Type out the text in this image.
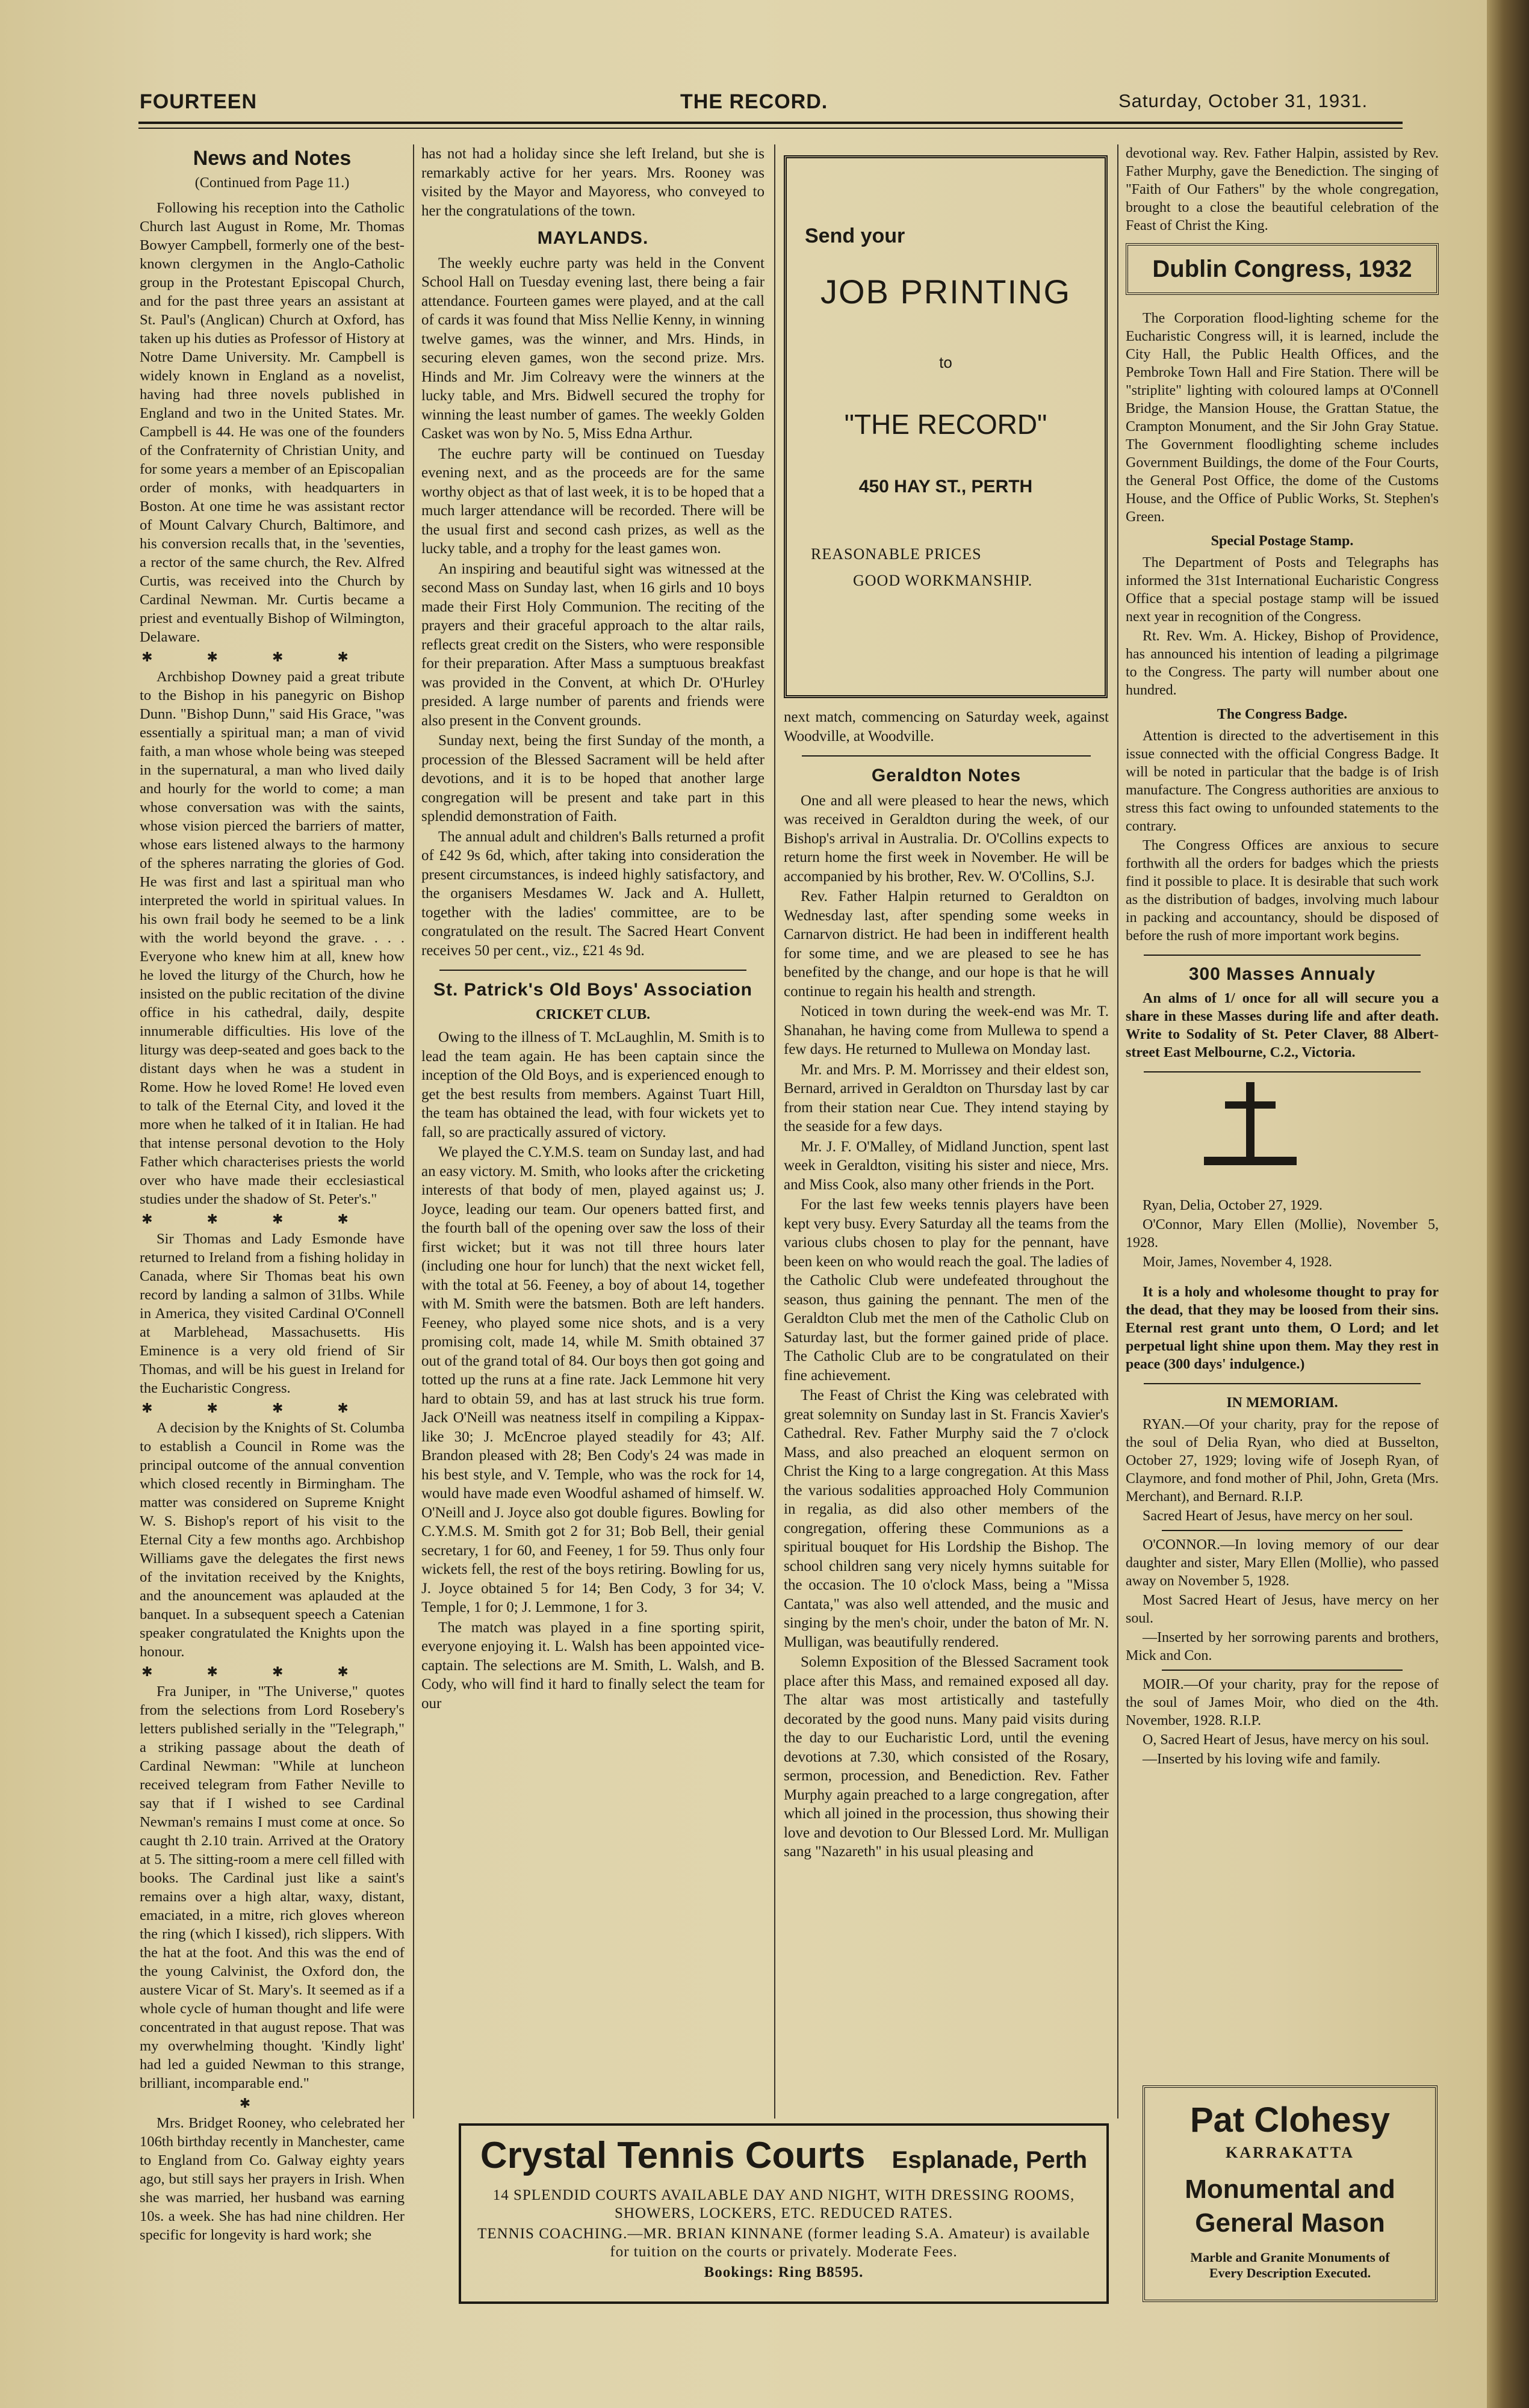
FOURTEEN	THE RECORD.	Saturday, October 31, 1931.
News and Notes
(Continued from Page 11.)

Following his reception into the Catholic Church last August in Rome, Mr. Thomas Bowyer Campbell, formerly one of the best-known clergymen in the Anglo-Catholic group in the Protestant Episcopal Church, and for the past three years an assistant at St. Paul's (Anglican) Church at Oxford, has taken up his duties as Professor of History at Notre Dame University. Mr. Campbell is widely known in England as a novelist, having had three novels published in England and two in the United States. Mr. Campbell is 44. He was one of the founders of the Confraternity of Christian Unity, and for some years a member of an Episcopalian order of monks, with headquarters in Boston. At one time he was assistant rector of Mount Calvary Church, Baltimore, and his conversion recalls that, in the 'seventies, a rector of the same church, the Rev. Alfred Curtis, was received into the Church by Cardinal Newman. Mr. Curtis became a priest and eventually Bishop of Wilmington, Delaware.

✱✱✱✱

Archbishop Downey paid a great tribute to the Bishop in his panegyric on Bishop Dunn. "Bishop Dunn," said His Grace, "was essentially a spiritual man; a man of vivid faith, a man whose whole being was steeped in the supernatural, a man who lived daily and hourly for the world to come; a man whose conversation was with the saints, whose vision pierced the barriers of matter, whose ears listened always to the harmony of the spheres narrating the glories of God. He was first and last a spiritual man who interpreted the world in spiritual values. In his own frail body he seemed to be a link with the world beyond the grave. . . . Everyone who knew him at all, knew how he loved the liturgy of the Church, how he insisted on the public recitation of the divine office in his cathedral, daily, despite innumerable difficulties. His love of the liturgy was deep-seated and goes back to the distant days when he was a student in Rome. How he loved Rome! He loved even to talk of the Eternal City, and loved it the more when he talked of it in Italian. He had that intense personal devotion to the Holy Father which characterises priests the world over who have made their ecclesiastical studies under the shadow of St. Peter's."

✱✱✱✱

Sir Thomas and Lady Esmonde have returned to Ireland from a fishing holiday in Canada, where Sir Thomas beat his own record by landing a salmon of 31lbs. While in America, they visited Cardinal O'Connell at Marblehead, Massachusetts. His Eminence is a very old friend of Sir Thomas, and will be his guest in Ireland for the Eucharistic Congress.

✱✱✱✱

A decision by the Knights of St. Columba to establish a Council in Rome was the principal outcome of the annual convention which closed recently in Birmingham. The matter was considered on Supreme Knight W. S. Bishop's report of his visit to the Eternal City a few months ago. Archbishop Williams gave the delegates the first news of the invitation received by the Knights, and the anouncement was aplauded at the banquet. In a subsequent speech a Catenian speaker congratulated the Knights upon the honour.

✱✱✱✱

Fra Juniper, in "The Universe," quotes from the selections from Lord Rosebery's letters published serially in the "Telegraph," a striking passage about the death of Cardinal Newman: "While at luncheon received telegram from Father Neville to say that if I wished to see Cardinal Newman's remains I must come at once. So caught th 2.10 train. Arrived at the Oratory at 5. The sitting-room a mere cell filled with books. The Cardinal just like a saint's remains over a high altar, waxy, distant, emaciated, in a mitre, rich gloves whereon the ring (which I kissed), rich slippers. With the hat at the foot. And this was the end of the young Calvinist, the Oxford don, the austere Vicar of St. Mary's. It seemed as if a whole cycle of human thought and life were concentrated in that august repose. That was my overwhelming thought. 'Kindly light' had led a guided Newman to this strange, brilliant, incomparable end."

✱

Mrs. Bridget Rooney, who celebrated her 106th birthday recently in Manchester, came to England from Co. Galway eighty years ago, but still says her prayers in Irish. When she was married, her husband was earning 10s. a week. She has had nine children. Her specific for longevity is hard work; she

has not had a holiday since she left Ireland, but she is remarkably active for her years. Mrs. Rooney was visited by the Mayor and Mayoress, who conveyed to her the congratulations of the town.

MAYLANDS.

The weekly euchre party was held in the Convent School Hall on Tuesday evening last, there being a fair attendance. Fourteen games were played, and at the call of cards it was found that Miss Nellie Kenny, in winning twelve games, was the winner, and Mrs. Hinds, in securing eleven games, won the second prize. Mrs. Hinds and Mr. Jim Colreavy were the winners at the lucky table, and Mrs. Bidwell secured the trophy for winning the least number of games. The weekly Golden Casket was won by No. 5, Miss Edna Arthur.

The euchre party will be continued on Tuesday evening next, and as the proceeds are for the same worthy object as that of last week, it is to be hoped that a much larger attendance will be recorded. There will be the usual first and second cash prizes, as well as the lucky table, and a trophy for the least games won.

An inspiring and beautiful sight was witnessed at the second Mass on Sunday last, when 16 girls and 10 boys made their First Holy Communion. The reciting of the prayers and their graceful approach to the altar rails, reflects great credit on the Sisters, who were responsible for their preparation. After Mass a sumptuous breakfast was provided in the Convent, at which Dr. O'Hurley presided. A large number of parents and friends were also present in the Convent grounds.

Sunday next, being the first Sunday of the month, a procession of the Blessed Sacrament will be held after devotions, and it is to be hoped that another large congregation will be present and take part in this splendid demonstration of Faith.

The annual adult and children's Balls returned a profit of £42 9s 6d, which, after taking into consideration the present circumstances, is indeed highly satisfactory, and the organisers Mesdames W. Jack and A. Hullett, together with the ladies' committee, are to be congratulated on the result. The Sacred Heart Convent receives 50 per cent., viz., £21 4s 9d.

St. Patrick's Old Boys' Association
CRICKET CLUB.

Owing to the illness of T. McLaughlin, M. Smith is to lead the team again. He has been captain since the inception of the Old Boys, and is experienced enough to get the best results from members. Against Tuart Hill, the team has obtained the lead, with four wickets yet to fall, so are practically assured of victory.

We played the C.Y.M.S. team on Sunday last, and had an easy victory. M. Smith, who looks after the cricketing interests of that body of men, played against us; J. Joyce, leading our team. Our openers batted first, and the fourth ball of the opening over saw the loss of their first wicket; but it was not till three hours later (including one hour for lunch) that the next wicket fell, with the total at 56. Feeney, a boy of about 14, together with M. Smith were the batsmen. Both are left handers. Feeney, who played some nice shots, and is a very promising colt, made 14, while M. Smith obtained 37 out of the grand total of 84. Our boys then got going and totted up the runs at a fine rate. Jack Lemmone hit very hard to obtain 59, and has at last struck his true form. Jack O'Neill was neatness itself in compiling a Kippax-like 30; J. McEncroe played steadily for 43; Alf. Brandon pleased with 28; Ben Cody's 24 was made in his best style, and V. Temple, who was the rock for 14, would have made even Woodful ashamed of himself. W. O'Neill and J. Joyce also got double figures. Bowling for C.Y.M.S. M. Smith got 2 for 31; Bob Bell, their genial secretary, 1 for 60, and Feeney, 1 for 59. Thus only four wickets fell, the rest of the boys retiring. Bowling for us, J. Joyce obtained 5 for 14; Ben Cody, 3 for 34; V. Temple, 1 for 0; J. Lemmone, 1 for 3.

The match was played in a fine sporting spirit, everyone enjoying it. L. Walsh has been appointed vice-captain. The selections are M. Smith, L. Walsh, and B. Cody, who will find it hard to finally select the team for our

Send your
JOB PRINTING
to
"THE RECORD"
450 HAY ST., PERTH
REASONABLE PRICES
GOOD WORKMANSHIP.

next match, commencing on Saturday week, against Woodville, at Woodville.

Geraldton Notes

One and all were pleased to hear the news, which was received in Geraldton during the week, of our Bishop's arrival in Australia. Dr. O'Collins expects to return home the first week in November. He will be accompanied by his brother, Rev. W. O'Collins, S.J.

Rev. Father Halpin returned to Geraldton on Wednesday last, after spending some weeks in Carnarvon district. He had been in indifferent health for some time, and we are pleased to see he has benefited by the change, and our hope is that he will continue to regain his health and strength.

Noticed in town during the week-end was Mr. T. Shanahan, he having come from Mullewa to spend a few days. He returned to Mullewa on Monday last.

Mr. and Mrs. P. M. Morrissey and their eldest son, Bernard, arrived in Geraldton on Thursday last by car from their station near Cue. They intend staying by the seaside for a few days.

Mr. J. F. O'Malley, of Midland Junction, spent last week in Geraldton, visiting his sister and niece, Mrs. and Miss Cook, also many other friends in the Port.

For the last few weeks tennis players have been kept very busy. Every Saturday all the teams from the various clubs chosen to play for the pennant, have been keen on who would reach the goal. The ladies of the Catholic Club were undefeated throughout the season, thus gaining the pennant. The men of the Geraldton Club met the men of the Catholic Club on Saturday last, but the former gained pride of place. The Catholic Club are to be congratulated on their fine achievement.

The Feast of Christ the King was celebrated with great solemnity on Sunday last in St. Francis Xavier's Cathedral. Rev. Father Murphy said the 7 o'clock Mass, and also preached an eloquent sermon on Christ the King to a large congregation. At this Mass the various sodalities approached Holy Communion in regalia, as did also other members of the congregation, offering these Communions as a spiritual bouquet for His Lordship the Bishop. The school children sang very nicely hymns suitable for the occasion. The 10 o'clock Mass, being a "Missa Cantata," was also well attended, and the music and singing by the men's choir, under the baton of Mr. N. Mulligan, was beautifully rendered.

Solemn Exposition of the Blessed Sacrament took place after this Mass, and remained exposed all day. The altar was most artistically and tastefully decorated by the good nuns. Many paid visits during the day to our Eucharistic Lord, until the evening devotions at 7.30, which consisted of the Rosary, sermon, procession, and Benediction. Rev. Father Murphy again preached to a large congregation, after which all joined in the procession, thus showing their love and devotion to Our Blessed Lord. Mr. Mulligan sang "Nazareth" in his usual pleasing and

devotional way. Rev. Father Halpin, assisted by Rev. Father Murphy, gave the Benediction. The singing of "Faith of Our Fathers" by the whole congregation, brought to a close the beautiful celebration of the Feast of Christ the King.

Dublin Congress, 1932

The Corporation flood-lighting scheme for the Eucharistic Congress will, it is learned, include the City Hall, the Public Health Offices, and the Pembroke Town Hall and Fire Station. There will be "striplite" lighting with coloured lamps at O'Connell Bridge, the Mansion House, the Grattan Statue, the Crampton Monument, and the Sir John Gray Statue. The Government floodlighting scheme includes Government Buildings, the dome of the Four Courts, the General Post Office, the dome of the Customs House, and the Office of Public Works, St. Stephen's Green.

Special Postage Stamp.

The Department of Posts and Telegraphs has informed the 31st International Eucharistic Congress Office that a special postage stamp will be issued next year in recognition of the Congress.

Rt. Rev. Wm. A. Hickey, Bishop of Providence, has announced his intention of leading a pilgrimage to the Congress. The party will number about one hundred.

The Congress Badge.

Attention is directed to the advertisement in this issue connected with the official Congress Badge. It will be noted in particular that the badge is of Irish manufacture. The Congress authorities are anxious to stress this fact owing to unfounded statements to the contrary.

The Congress Offices are anxious to secure forthwith all the orders for badges which the priests find it possible to place. It is desirable that such work as the distribution of badges, involving much labour in packing and accountancy, should be disposed of before the rush of more important work begins.

300 Masses Annualy

An alms of 1/ once for all will secure you a share in these Masses during life and after death. Write to Sodality of St. Peter Claver, 88 Albert-street East Melbourne, C.2., Victoria.

Ryan, Delia, October 27, 1929.

O'Connor, Mary Ellen (Mollie), November 5, 1928.

Moir, James, November 4, 1928.

It is a holy and wholesome thought to pray for the dead, that they may be loosed from their sins. Eternal rest grant unto them, O Lord; and let perpetual light shine upon them. May they rest in peace (300 days' indulgence.)

IN MEMORIAM.

RYAN.—Of your charity, pray for the repose of the soul of Delia Ryan, who died at Busselton, October 27, 1929; loving wife of Joseph Ryan, of Claymore, and fond mother of Phil, John, Greta (Mrs. Merchant), and Bernard. R.I.P.

Sacred Heart of Jesus, have mercy on her soul.

O'CONNOR.—In loving memory of our dear daughter and sister, Mary Ellen (Mollie), who passed away on November 5, 1928.

Most Sacred Heart of Jesus, have mercy on her soul.

—Inserted by her sorrowing parents and brothers, Mick and Con.

MOIR.—Of your charity, pray for the repose of the soul of James Moir, who died on the 4th. November, 1928. R.I.P.

O, Sacred Heart of Jesus, have mercy on his soul.

—Inserted by his loving wife and family.

Crystal Tennis Courts Esplanade, Perth
14 SPLENDID COURTS AVAILABLE DAY AND NIGHT, WITH DRESSING ROOMS, SHOWERS, LOCKERS, ETC. REDUCED RATES.
TENNIS COACHING.—MR. BRIAN KINNANE (former leading S.A. Amateur) is available for tuition on the courts or privately. Moderate Fees.
Bookings: Ring B8595.
Pat Clohesy
KARRAKATTA
Monumental and
General Mason
Marble and Granite Monuments of
Every Description Executed.
